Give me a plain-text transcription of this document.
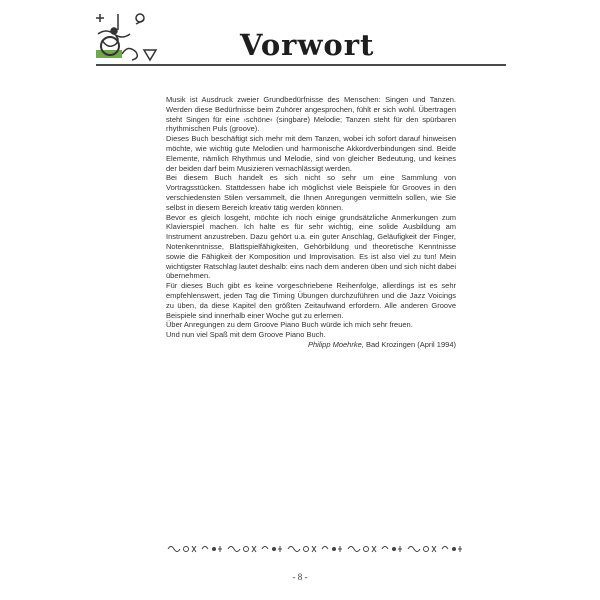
Vorwort

Musik ist Ausdruck zweier Grundbedürfnisse des Menschen: Singen und Tanzen. Werden diese Bedürfnisse beim Zuhörer angesprochen, fühlt er sich wohl. Übertragen steht Singen für eine ›schöne‹ (singbare) Melodie; Tanzen steht für den spürbaren rhythmischen Puls (groove).

Dieses Buch beschäftigt sich mehr mit dem Tanzen, wobei ich sofort darauf hinweisen möchte, wie wichtig gute Melodien und harmonische Akkordverbindungen sind. Beide Elemente, nämlich Rhythmus und Melodie, sind von gleicher Bedeutung, und keines der beiden darf beim Musizieren vernachlässigt werden.

Bei diesem Buch handelt es sich nicht so sehr um eine Sammlung von Vortragsstücken. Stattdessen habe ich möglichst viele Beispiele für Grooves in den verschiedensten Stilen versammelt, die Ihnen Anregungen vermitteln sollen, wie Sie selbst in diesem Bereich kreativ tätig werden können.

Bevor es gleich losgeht, möchte ich noch einige grundsätzliche Anmerkungen zum Klavierspiel machen. Ich halte es für sehr wichtig, eine solide Ausbildung am Instrument anzustreben. Dazu gehört u.a. ein guter Anschlag, Geläufigkeit der Finger, Notenkenntnisse, Blattspielfähigkeiten, Gehörbildung und theoretische Kenntnisse sowie die Fähigkeit der Komposition und Improvisation. Es ist also viel zu tun! Mein wichtigster Ratschlag lautet deshalb: eins nach dem anderen üben und sich nicht dabei übernehmen.

Für dieses Buch gibt es keine vorgeschriebene Reihenfolge, allerdings ist es sehr empfehlenswert, jeden Tag die Timing Übungen durchzuführen und die Jazz Voicings zu üben, da diese Kapitel den größten Zeitaufwand erfordern. Alle anderen Groove Beispiele sind innerhalb einer Woche gut zu erlernen.

Über Anregungen zu dem Groove Piano Buch würde ich mich sehr freuen.

Und nun viel Spaß mit dem Groove Piano Buch.

Philipp Moehrke, Bad Krozingen (April 1994)

- 8 -
